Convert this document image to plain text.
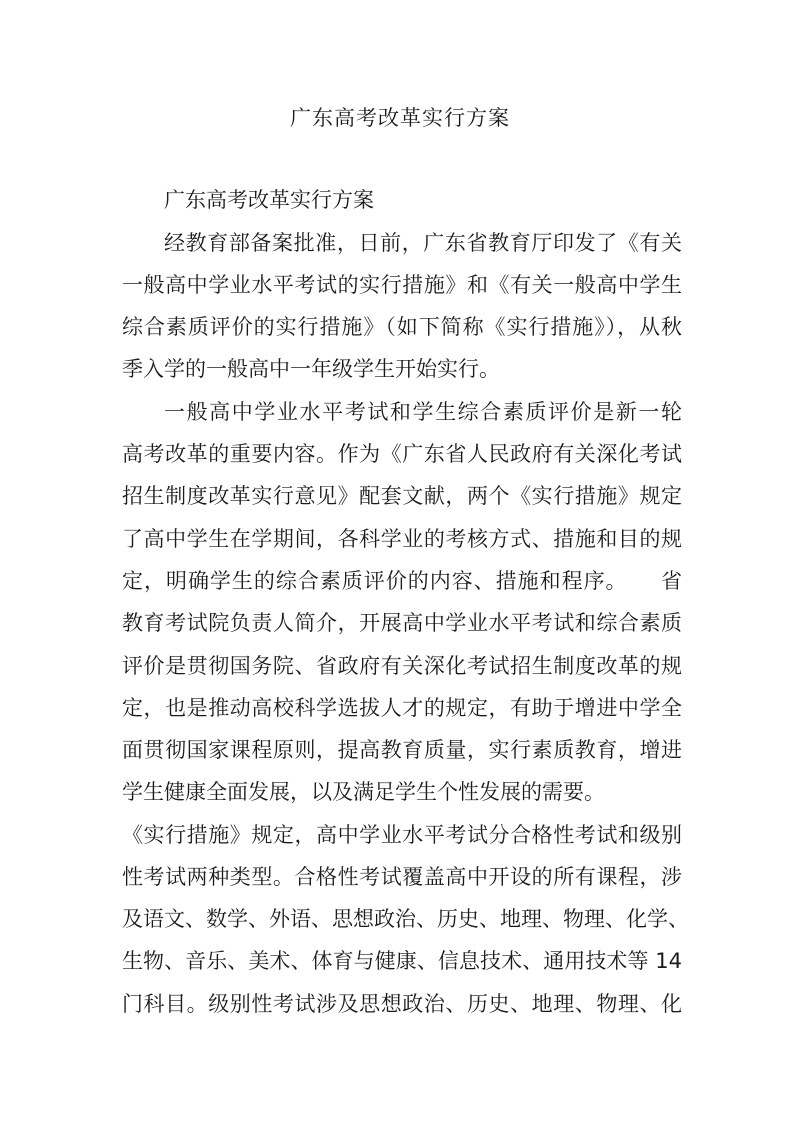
广东高考改革实行方案
广东高考改革实行方案
经教育部备案批准，日前，广东省教育厅印发了《有关
一般高中学业水平考试的实行措施》和《有关一般高中学生
综合素质评价的实行措施》（如下简称《实行措施》），从秋
季入学的一般高中一年级学生开始实行。
一般高中学业水平考试和学生综合素质评价是新一轮
高考改革的重要内容。作为《广东省人民政府有关深化考试
招生制度改革实行意见》配套文献，两个《实行措施》规定
了高中学生在学期间，各科学业的考核方式、措施和目的规
定，明确学生的综合素质评价的内容、措施和程序。　　省
教育考试院负责人简介，开展高中学业水平考试和综合素质
评价是贯彻国务院、省政府有关深化考试招生制度改革的规
定，也是推动高校科学选拔人才的规定，有助于增进中学全
面贯彻国家课程原则，提高教育质量，实行素质教育，增进
学生健康全面发展，以及满足学生个性发展的需要。
《实行措施》规定，高中学业水平考试分合格性考试和级别
性考试两种类型。合格性考试覆盖高中开设的所有课程，涉
及语文、数学、外语、思想政治、历史、地理、物理、化学、
生物、音乐、美术、体育与健康、信息技术、通用技术等 14
门科目。级别性考试涉及思想政治、历史、地理、物理、化
